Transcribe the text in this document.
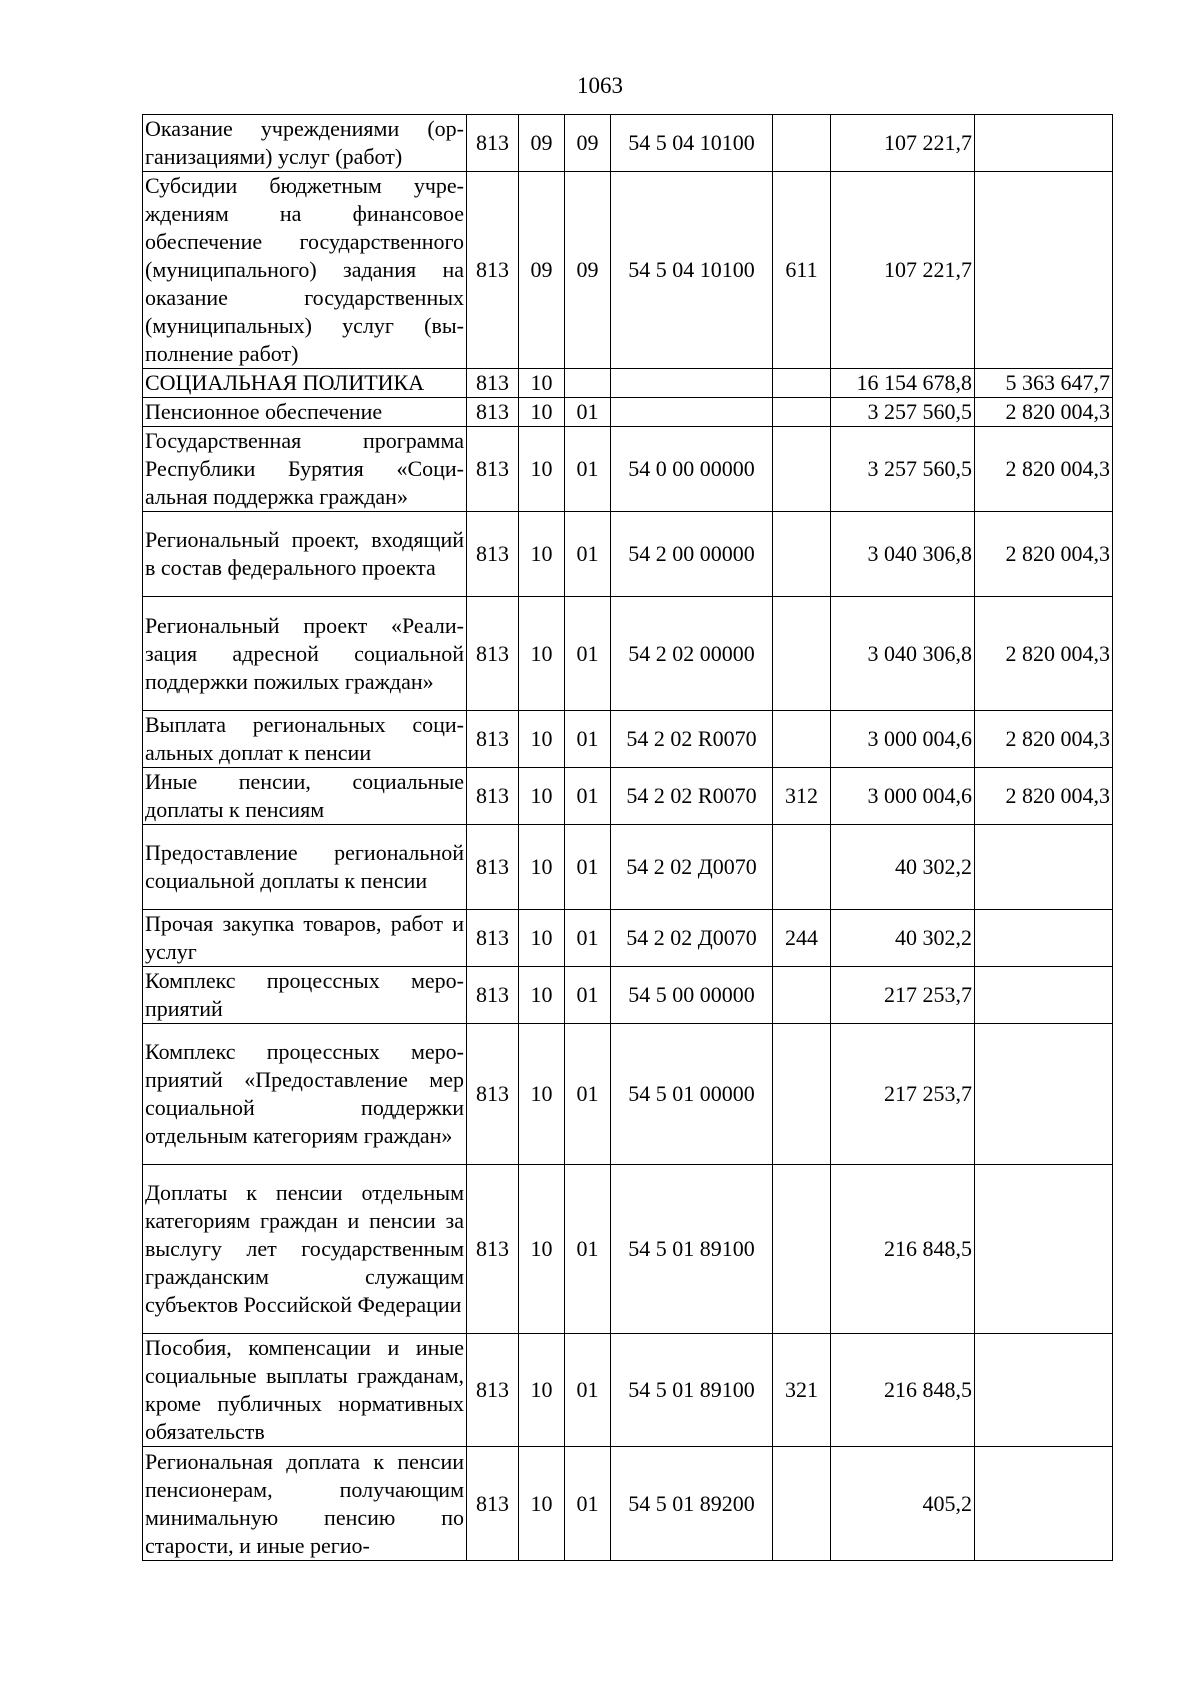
1063
Оказание учреждениями (организациями) услуг (работ)	813	09	09	54 5 04 10100		107 221,7	
Субсидии бюджетным учреждениям на финансовое обеспечение государственного (муниципального) задания на оказание государственных (муниципальных) услуг (выполнение работ)	813	09	09	54 5 04 10100	611	107 221,7	
СОЦИАЛЬНАЯ ПОЛИТИКА	813	10				16 154 678,8	5 363 647,7
Пенсионное обеспечение	813	10	01			3 257 560,5	2 820 004,3
Государственная программа Республики Бурятия «Социальная поддержка граждан»	813	10	01	54 0 00 00000		3 257 560,5	2 820 004,3
Региональный проект, входящий в состав федерального проекта	813	10	01	54 2 00 00000		3 040 306,8	2 820 004,3
Региональный проект «Реализация адресной социальной поддержки пожилых граждан»	813	10	01	54 2 02 00000		3 040 306,8	2 820 004,3
Выплата региональных социальных доплат к пенсии	813	10	01	54 2 02 R0070		3 000 004,6	2 820 004,3
Иные пенсии, социальные доплаты к пенсиям	813	10	01	54 2 02 R0070	312	3 000 004,6	2 820 004,3
Предоставление региональной социальной доплаты к пенсии	813	10	01	54 2 02 Д0070		40 302,2	
Прочая закупка товаров, работ и услуг	813	10	01	54 2 02 Д0070	244	40 302,2	
Комплекс процессных мероприятий	813	10	01	54 5 00 00000		217 253,7	
Комплекс процессных мероприятий «Предоставление мер социальной поддержки отдельным категориям граждан»	813	10	01	54 5 01 00000		217 253,7	
Доплаты к пенсии отдельным категориям граждан и пенсии за выслугу лет государственным гражданским служащим субъектов Российской Федерации	813	10	01	54 5 01 89100		216 848,5	
Пособия, компенсации и иные социальные выплаты гражданам, кроме публичных нормативных обязательств	813	10	01	54 5 01 89100	321	216 848,5	
Региональная доплата к пенсии пенсионерам, получающим минимальную пенсию по старости, и иные регио-	813	10	01	54 5 01 89200		405,2	
